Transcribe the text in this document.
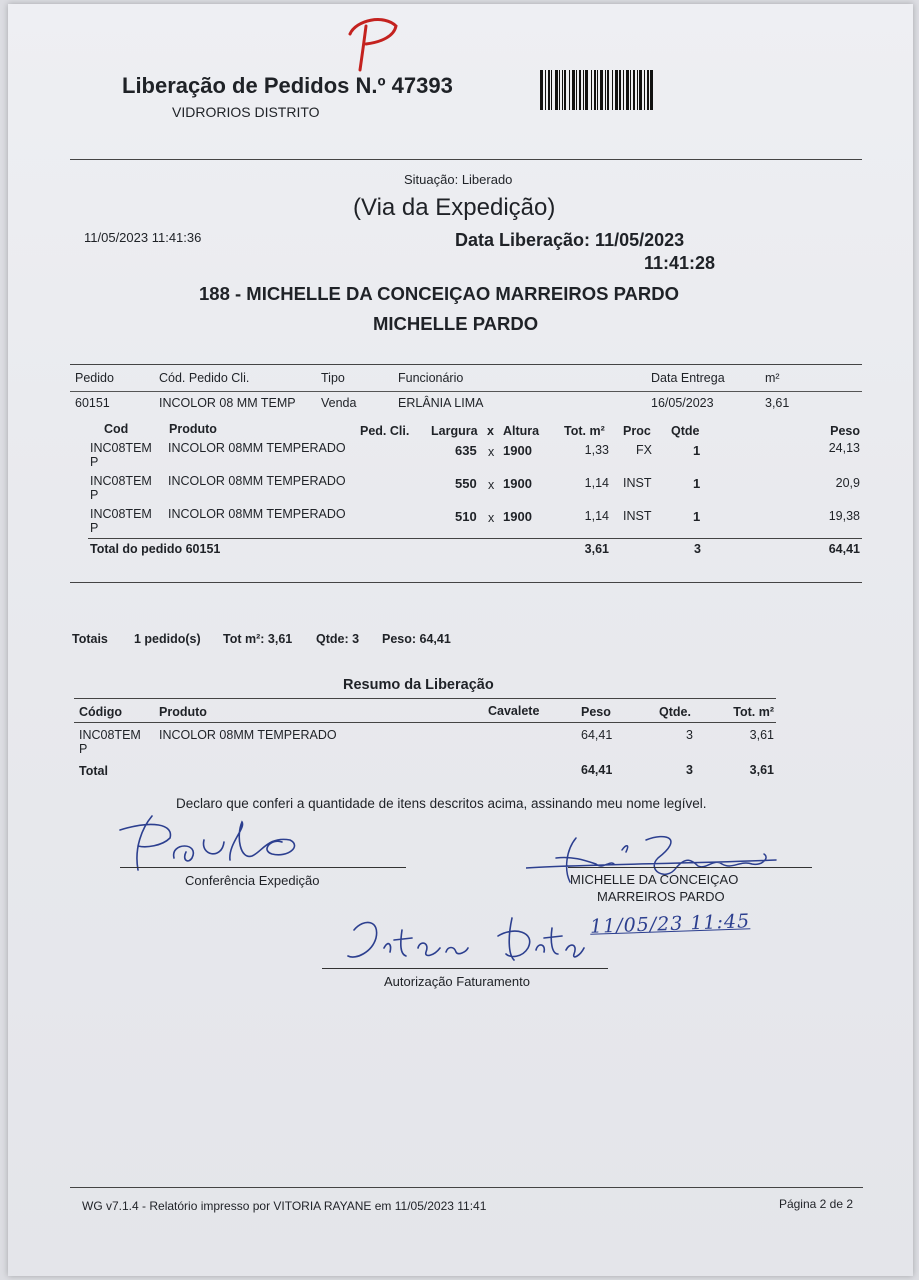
Liberação de Pedidos N.º 47393
VIDRORIOS DISTRITO
Situação: Liberado
(Via da Expedição)
11/05/2023 11:41:36	Data Liberação: 11/05/2023
11:41:28
188 - MICHELLE DA CONCEIÇAO MARREIROS PARDO
MICHELLE PARDO
Pedido	Cód. Pedido Cli.	Tipo	Funcionário	Data Entrega	m²
60151	INCOLOR 08 MM TEMP Venda	ERLÂNIA LIMA	16/05/2023	3,61
Cod	Produto	Ped. Cli. Largura x Altura Tot. m² Proc Qtde	Peso
INC08TEM
P
INCOLOR 08MM TEMPERADO	635 x 1900	1,33 FX	1	24,13
INC08TEM
P
INCOLOR 08MM TEMPERADO	550 x 1900	1,14 INST	1	20,9
INC08TEM
P
INCOLOR 08MM TEMPERADO	510 x 1900	1,14 INST	1	19,38
Total do pedido 60151	3,61	3	64,41
Totais 1 pedido(s) Tot m²: 3,61 Qtde: 3 Peso: 64,41
Resumo da Liberação
Código	Produto	Cavalete	Peso	Qtde.	Tot. m²
INC08TEM
P
INCOLOR 08MM TEMPERADO	64,41	3	3,61
Total	64,41	3	3,61
Declaro que conferi a quantidade de itens descritos acima, assinando meu nome legível.
Conferência Expedição	MICHELLE DA CONCEIÇAO
MARREIROS PARDO
11/05/23 11:45
Autorização Faturamento
WG v7.1.4 - Relatório impresso por VITORIA RAYANE em 11/05/2023 11:41	Página 2 de 2
